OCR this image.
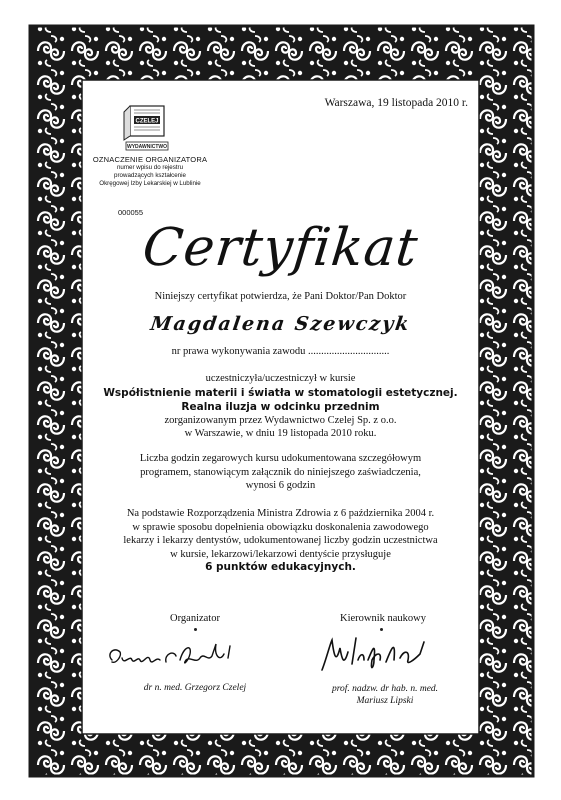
Warszawa, 19 listopada 2010 r.
CZELEJ
WYDAWNICTWO
OZNACZENIE ORGANIZATORA
numer wpisu do rejestru
prowadzących kształcenie
Okręgowej Izby Lekarskiej w Lublinie
000055
Certyfikat
Niniejszy certyfikat potwierdza, że Pani Doktor/Pan Doktor
Magdalena Szewczyk
nr prawa wykonywania zawodu ...............................
uczestniczyła/uczestniczył w kursie
Współistnienie materii i światła w stomatologii estetycznej.
Realna iluzja w odcinku przednim
zorganizowanym przez Wydawnictwo Czelej Sp. z o.o.
w Warszawie, w dniu 19 listopada 2010 roku.
Liczba godzin zegarowych kursu udokumentowana szczegółowym
programem, stanowiącym załącznik do niniejszego zaświadczenia,
wynosi 6 godzin
Na podstawie Rozporządzenia Ministra Zdrowia z 6 października 2004 r.
w sprawie sposobu dopełnienia obowiązku doskonalenia zawodowego
lekarzy i lekarzy dentystów, udokumentowanej liczby godzin uczestnictwa
w kursie, lekarzowi/lekarzowi dentyście przysługuje
6 punktów edukacyjnych.
Organizator	Kierownik naukowy
dr n. med. Grzegorz Czelej	prof. nadzw. dr hab. n. med.
Mariusz Lipski
